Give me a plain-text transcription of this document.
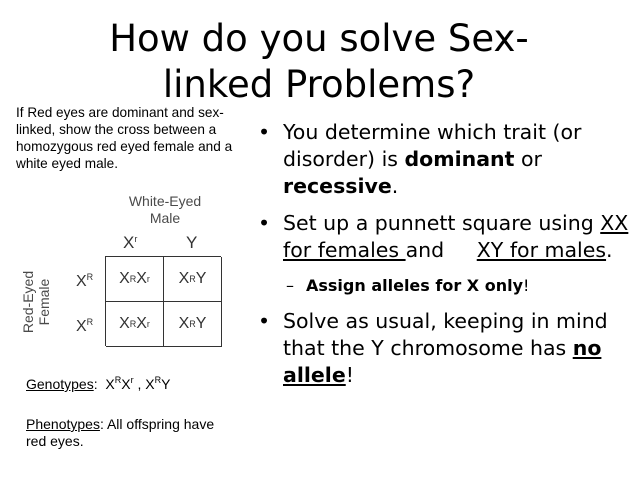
How do you solve Sex-linked Problems?
If Red eyes are dominant and sex-linked, show the cross between a homozygous red eyed female and a white eyed male.
White-Eyed
Male
Red-Eyed Female
$X^r$	Y
$X^R$
$X^R$
X R X r X R Y
X R X r X R Y
Genotypes:  $X^RX^r$ , $X^RY$
Phenotypes: All offspring have red eyes.
• You determine which trait (or disorder) is dominant or recessive.
• Set up a punnett square using XX for females and     XY for males.
– Assign alleles for X only!
• Solve as usual, keeping in mind that the Y chromosome has no allele!
